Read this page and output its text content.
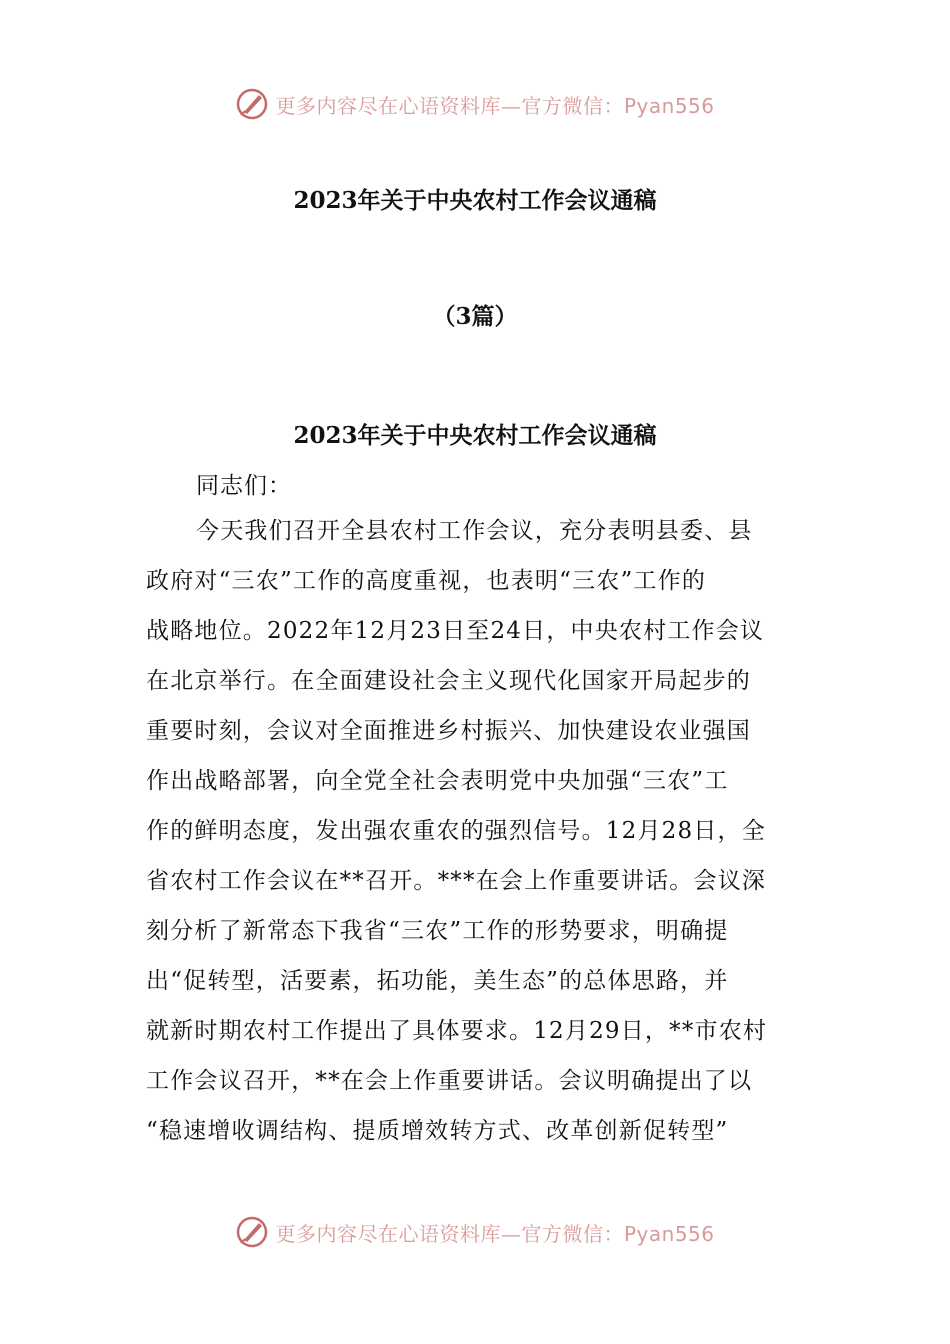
更多内容尽在心语资料库—官方微信：Pyan556
2023年关于中央农村工作会议通稿
（3篇）
2023年关于中央农村工作会议通稿
同志们：
今天我们召开全县农村工作会议，充分表明县委、县
政府对“三农”工作的高度重视，也表明“三农”工作的
战略地位。2022年12月23日至24日，中央农村工作会议
在北京举行。在全面建设社会主义现代化国家开局起步的
重要时刻，会议对全面推进乡村振兴、加快建设农业强国
作出战略部署，向全党全社会表明党中央加强“三农”工
作的鲜明态度，发出强农重农的强烈信号。12月28日，全
省农村工作会议在**召开。***在会上作重要讲话。会议深
刻分析了新常态下我省“三农”工作的形势要求，明确提
出“促转型，活要素，拓功能，美生态”的总体思路，并
就新时期农村工作提出了具体要求。12月29日，**市农村
工作会议召开，**在会上作重要讲话。会议明确提出了以
“稳速增收调结构、提质增效转方式、改革创新促转型”
更多内容尽在心语资料库—官方微信：Pyan556
